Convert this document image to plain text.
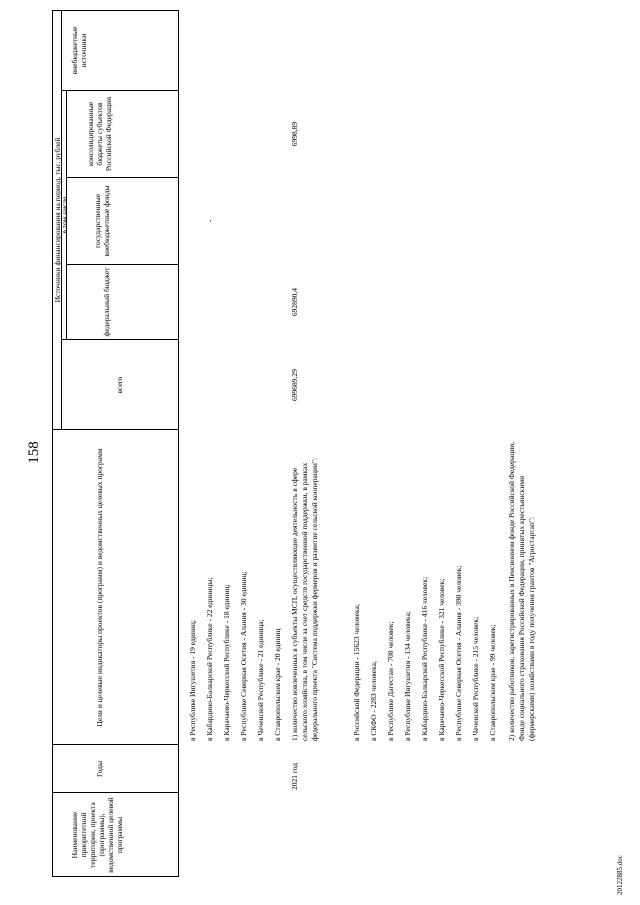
158
Наименование приоритетной территории, проекта (программы), ведомственной целевой программы
Годы
Цели и целевые индикаторы проектов (программ) и ведомственных целевых программ
Источники финансирования на период, тыс. рублей
всего
в том числе
федеральный бюджет
государственные внебюджетные фонды
консолидированные бюджеты субъектов Российской Федерации
внебюджетные источники
в Республике Ингушетия - 19 единиц; в Кабардино-Балкарской Республике - 22 единицы; в Карачаево-Черкесской Республике - 18 единиц; в Республике Северная Осетия - Алания - 30 единиц; в Чеченской Республике - 21 единица; в Ставропольском крае - 20 единиц
2021 год
1) количество вовлеченных в субъекты МСП, осуществляющие деятельность в сфере сельского хозяйства, в том числе за счет средств государственной поддержки, в рамках федерального проекта "Система поддержки фермеров и развитие сельской кооперации":
699689,29
692890,4
-
6998,89
в Российской Федерации - 15623 человека; в СКФО - 2283 человека; в Республике Дагестан - 708 человек; в Республике Ингушетия - 134 человека; в Кабардино-Балкарской Республике - 416 человек; в Карачаево-Черкесской Республике - 321 человек; в Республике Северная Осетия - Алания - 390 человек; в Чеченской Республике - 215 человек; в Ставропольском крае - 99 человек; 2) количество работников, зарегистрированных в Пенсионном фонде Российской Федерации, Фонде социального страхования Российской Федерации, принятых крестьянскими (фермерскими) хозяйствами в году получения грантов "Агростартап":
20122885.doc
